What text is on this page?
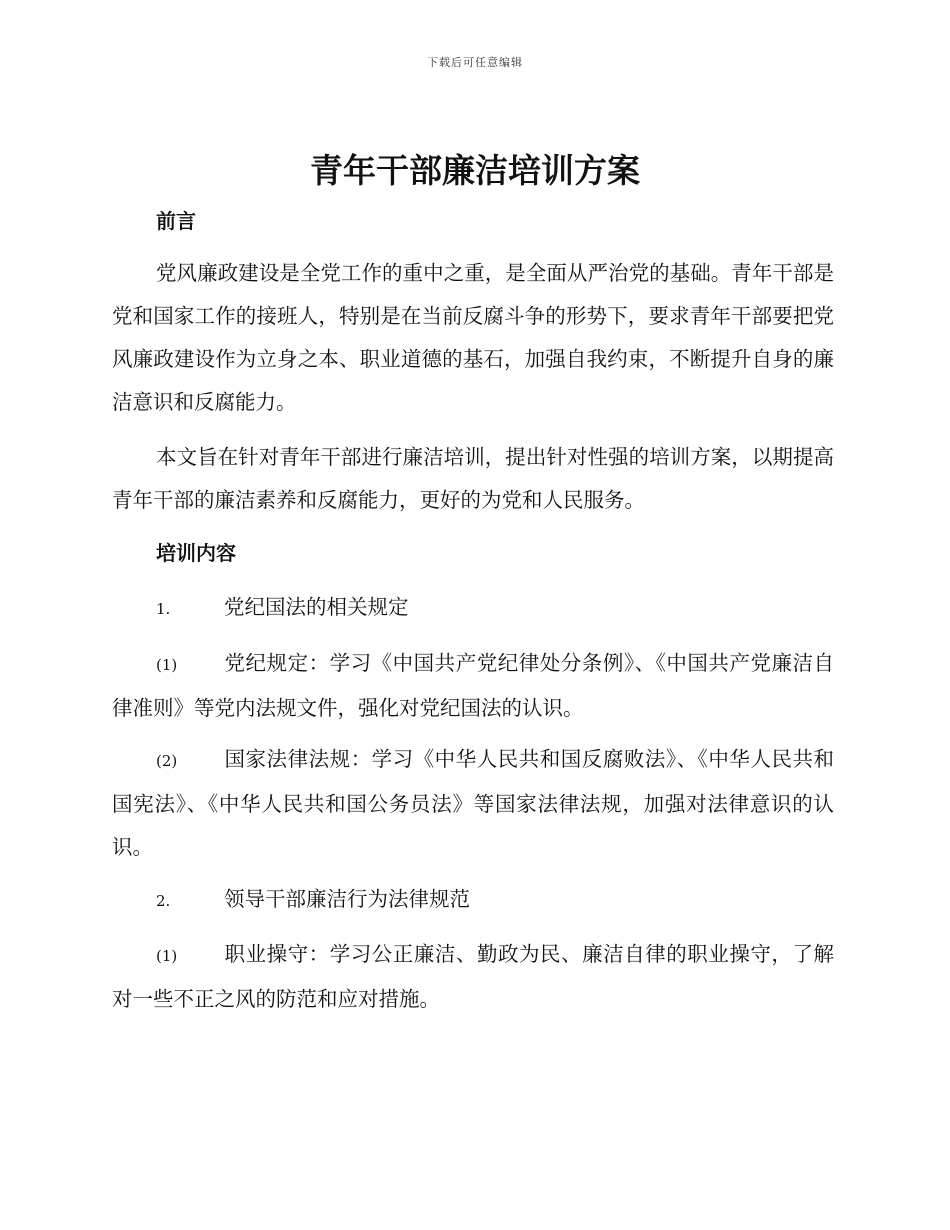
下载后可任意编辑
青年干部廉洁培训方案
前言

党风廉政建设是全党工作的重中之重，是全面从严治党的基础。青年干部是党和国家工作的接班人，特别是在当前反腐斗争的形势下，要求青年干部要把党风廉政建设作为立身之本、职业道德的基石，加强自我约束，不断提升自身的廉洁意识和反腐能力。

本文旨在针对青年干部进行廉洁培训，提出针对性强的培训方案，以期提高青年干部的廉洁素养和反腐能力，更好的为党和人民服务。

培训内容

1.	党纪国法的相关规定

(1) 党纪规定：学习《中国共产党纪律处分条例》、《中国共产党廉洁自律准则》等党内法规文件，强化对党纪国法的认识。

(2) 国家法律法规：学习《中华人民共和国反腐败法》、《中华人民共和国宪法》、《中华人民共和国公务员法》等国家法律法规，加强对法律意识的认识。

2.	领导干部廉洁行为法律规范

(1) 职业操守：学习公正廉洁、勤政为民、廉洁自律的职业操守，了解对一些不正之风的防范和应对措施。
